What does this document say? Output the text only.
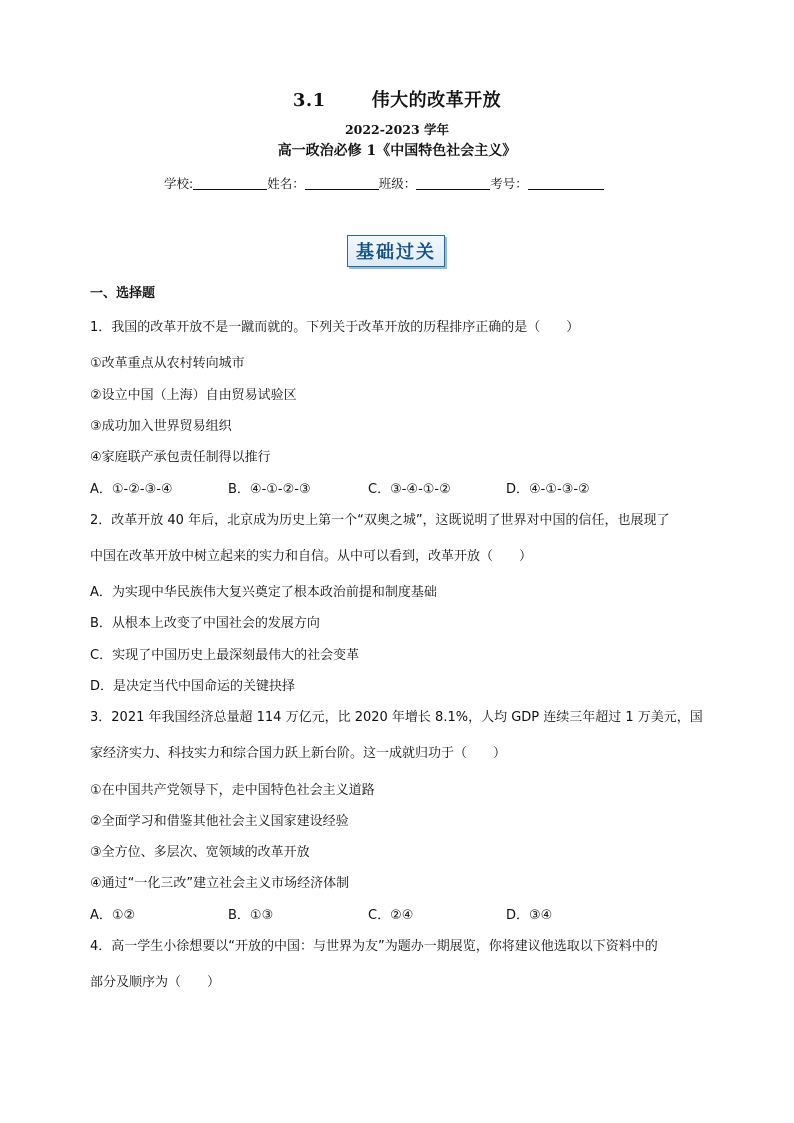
3.1	伟大的改革开放
2022-2023 学年
高一政治必修 1《中国特色社会主义》
学校:	姓名：	班级：	考号：
基础过关
一、选择题
1．我国的改革开放不是一蹴而就的。下列关于改革开放的历程排序正确的是（　　）
①改革重点从农村转向城市
②设立中国（上海）自由贸易试验区
③成功加入世界贸易组织
④家庭联产承包责任制得以推行
A．①-②-③-④	B．④-①-②-③	C．③-④-①-②	D．④-①-③-②
2．改革开放 40 年后，北京成为历史上第一个“双奥之城”，这既说明了世界对中国的信任，也展现了
中国在改革开放中树立起来的实力和自信。从中可以看到，改革开放（　　）
A．为实现中华民族伟大复兴奠定了根本政治前提和制度基础
B．从根本上改变了中国社会的发展方向
C．实现了中国历史上最深刻最伟大的社会变革
D．是决定当代中国命运的关键抉择
3．2021 年我国经济总量超 114 万亿元，比 2020 年增长 8.1%，人均 GDP 连续三年超过 1 万美元，国
家经济实力、科技实力和综合国力跃上新台阶。这一成就归功于（　　）
①在中国共产党领导下，走中国特色社会主义道路
②全面学习和借鉴其他社会主义国家建设经验
③全方位、多层次、宽领域的改革开放
④通过“一化三改”建立社会主义市场经济体制
A．①②	B．①③	C．②④	D．③④
4．高一学生小徐想要以“开放的中国：与世界为友”为题办一期展览，你将建议他选取以下资料中的
部分及顺序为（　　）
